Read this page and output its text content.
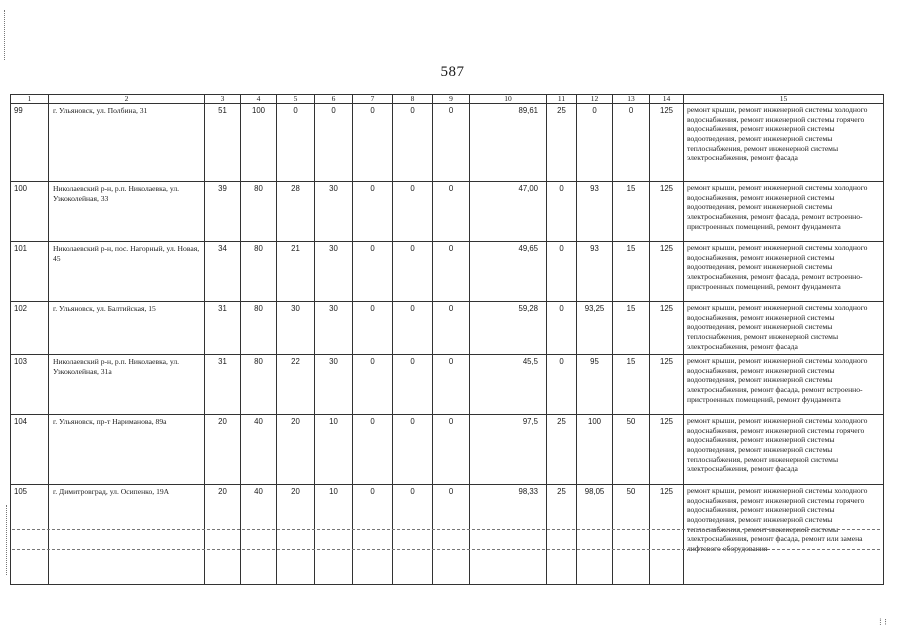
587
1	2	3	4	5	6	7	8	9	10	11	12	13	14	15
99	г. Ульяновск, ул. Полбина, 31	51	100	0	0	0	0	0	89,61	25	0	0	125	ремонт крыши, ремонт инженерной системы холодного водоснабжения, ремонт инженерной системы горячего водоснабжения, ремонт инженерной системы водоотведения, ремонт инженерной системы теплоснабжения, ремонт инженерной системы электроснабжения, ремонт фасада
100	Николаевский р-н, р.п. Николаевка, ул. Узкоколейная, 33	39	80	28	30	0	0	0	47,00	0	93	15	125	ремонт крыши, ремонт инженерной системы холодного водоснабжения, ремонт инженерной системы водоотведения, ремонт инженерной системы электроснабжения, ремонт фасада, ремонт встроенно-пристроенных помещений, ремонт фундамента
101	Николаевский р-н, пос. Нагорный, ул. Новая, 45	34	80	21	30	0	0	0	49,65	0	93	15	125	ремонт крыши, ремонт инженерной системы холодного водоснабжения, ремонт инженерной системы водоотведения, ремонт инженерной системы электроснабжения, ремонт фасада, ремонт встроенно-пристроенных помещений, ремонт фундамента
102	г. Ульяновск, ул. Балтийская, 15	31	80	30	30	0	0	0	59,28	0	93,25	15	125	ремонт крыши, ремонт инженерной системы холодного водоснабжения, ремонт инженерной системы водоотведения, ремонт инженерной системы теплоснабжения, ремонт инженерной системы электроснабжения, ремонт фасада
103	Николаевский р-н, р.п. Николаевка, ул. Узкоколейная, 31а	31	80	22	30	0	0	0	45,5	0	95	15	125	ремонт крыши, ремонт инженерной системы холодного водоснабжения, ремонт инженерной системы водоотведения, ремонт инженерной системы электроснабжения, ремонт фасада, ремонт встроенно-пристроенных помещений, ремонт фундамента
104	г. Ульяновск, пр-т Нариманова, 89а	20	40	20	10	0	0	0	97,5	25	100	50	125	ремонт крыши, ремонт инженерной системы холодного водоснабжения, ремонт инженерной системы горячего водоснабжения, ремонт инженерной системы водоотведения, ремонт инженерной системы теплоснабжения, ремонт инженерной системы электроснабжения, ремонт фасада
105	г. Димитровград, ул. Осипенко, 19А	20	40	20	10	0	0	0	98,33	25	98,05	50	125	ремонт крыши, ремонт инженерной системы холодного водоснабжения, ремонт инженерной системы горячего водоснабжения, ремонт инженерной системы водоотведения, ремонт инженерной системы теплоснабжения, ремонт инженерной системы электроснабжения, ремонт фасада, ремонт или замена лифтового оборудования
⁞ ⁝
